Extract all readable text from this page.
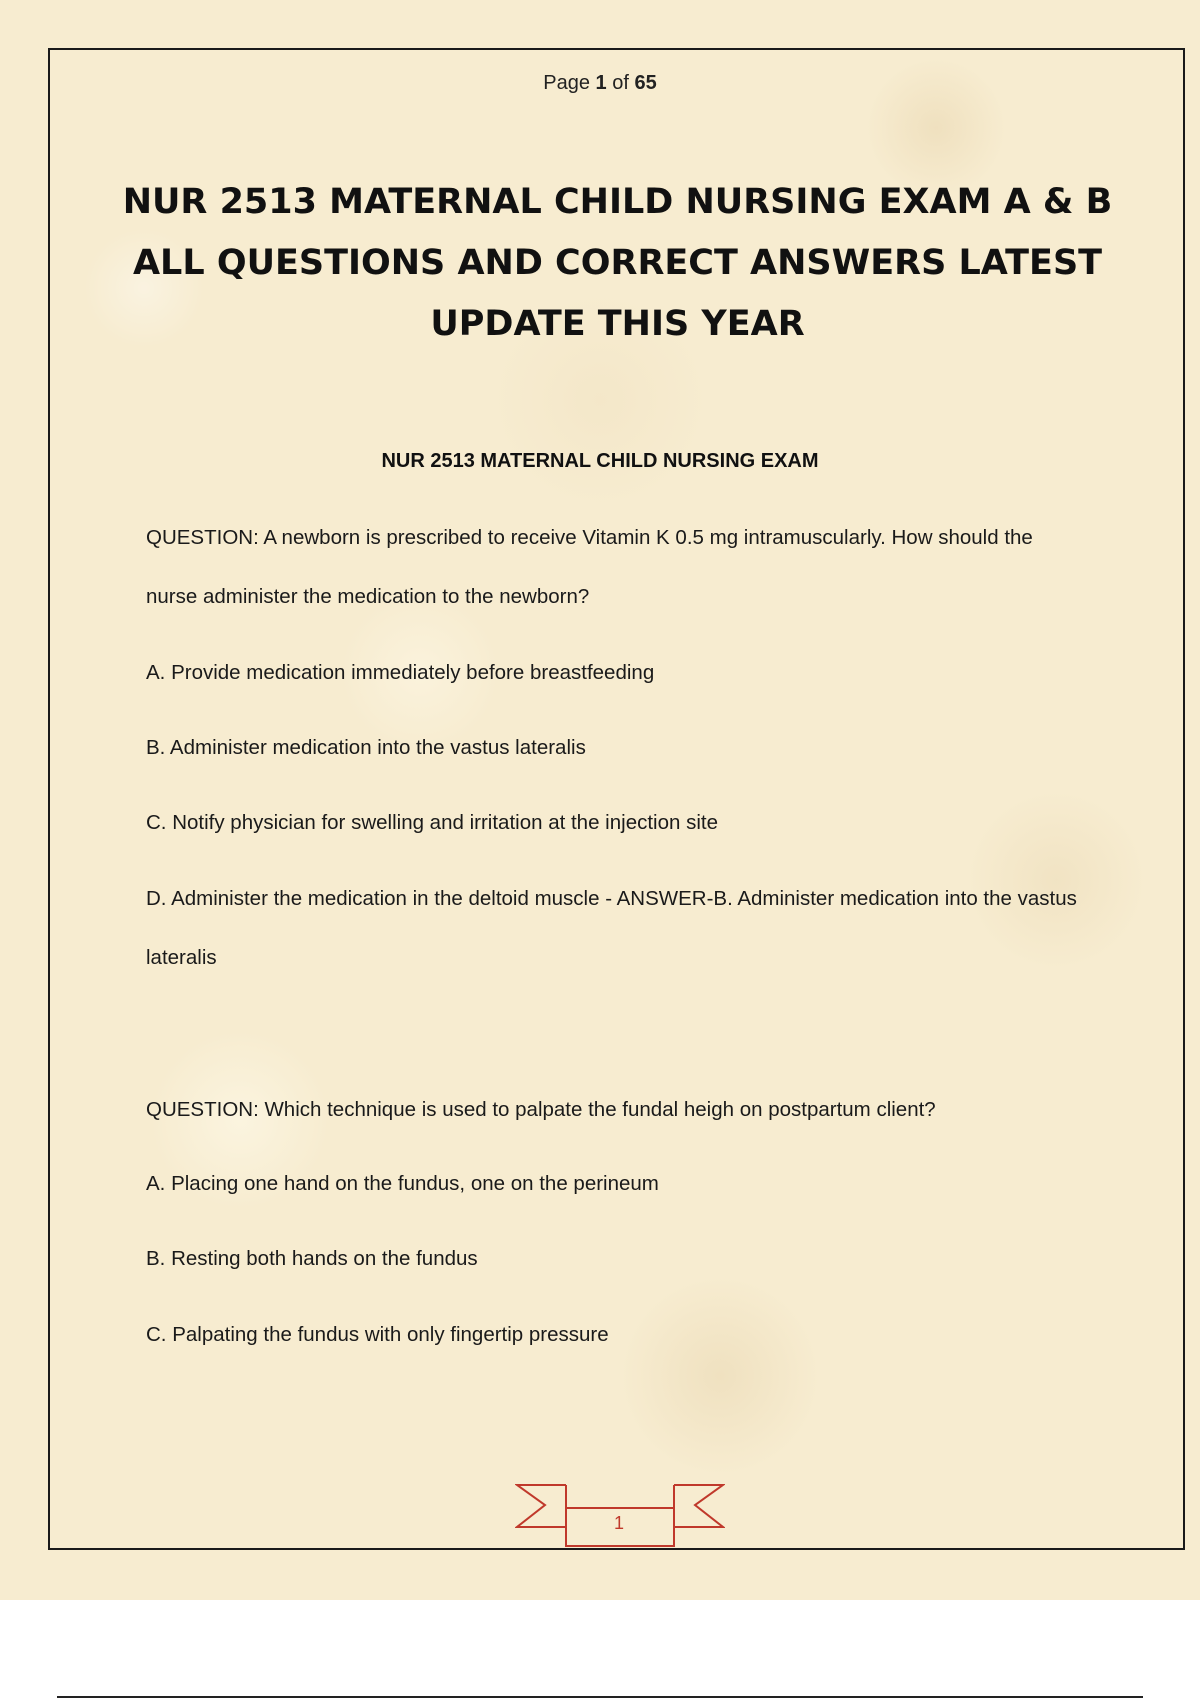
Page 1 of 65
NUR 2513 MATERNAL CHILD NURSING EXAM A & B ALL QUESTIONS AND CORRECT ANSWERS LATEST UPDATE THIS YEAR
NUR 2513 MATERNAL CHILD NURSING EXAM
QUESTION: A newborn is prescribed to receive Vitamin K 0.5 mg intramuscularly. How should the nurse administer the medication to the newborn?
A. Provide medication immediately before breastfeeding
B. Administer medication into the vastus lateralis
C. Notify physician for swelling and irritation at the injection site
D. Administer the medication in the deltoid muscle - ANSWER-B. Administer medication into the vastus lateralis
QUESTION: Which technique is used to palpate the fundal heigh on postpartum client?
A. Placing one hand on the fundus, one on the perineum
B. Resting both hands on the fundus
C. Palpating the fundus with only fingertip pressure
1
